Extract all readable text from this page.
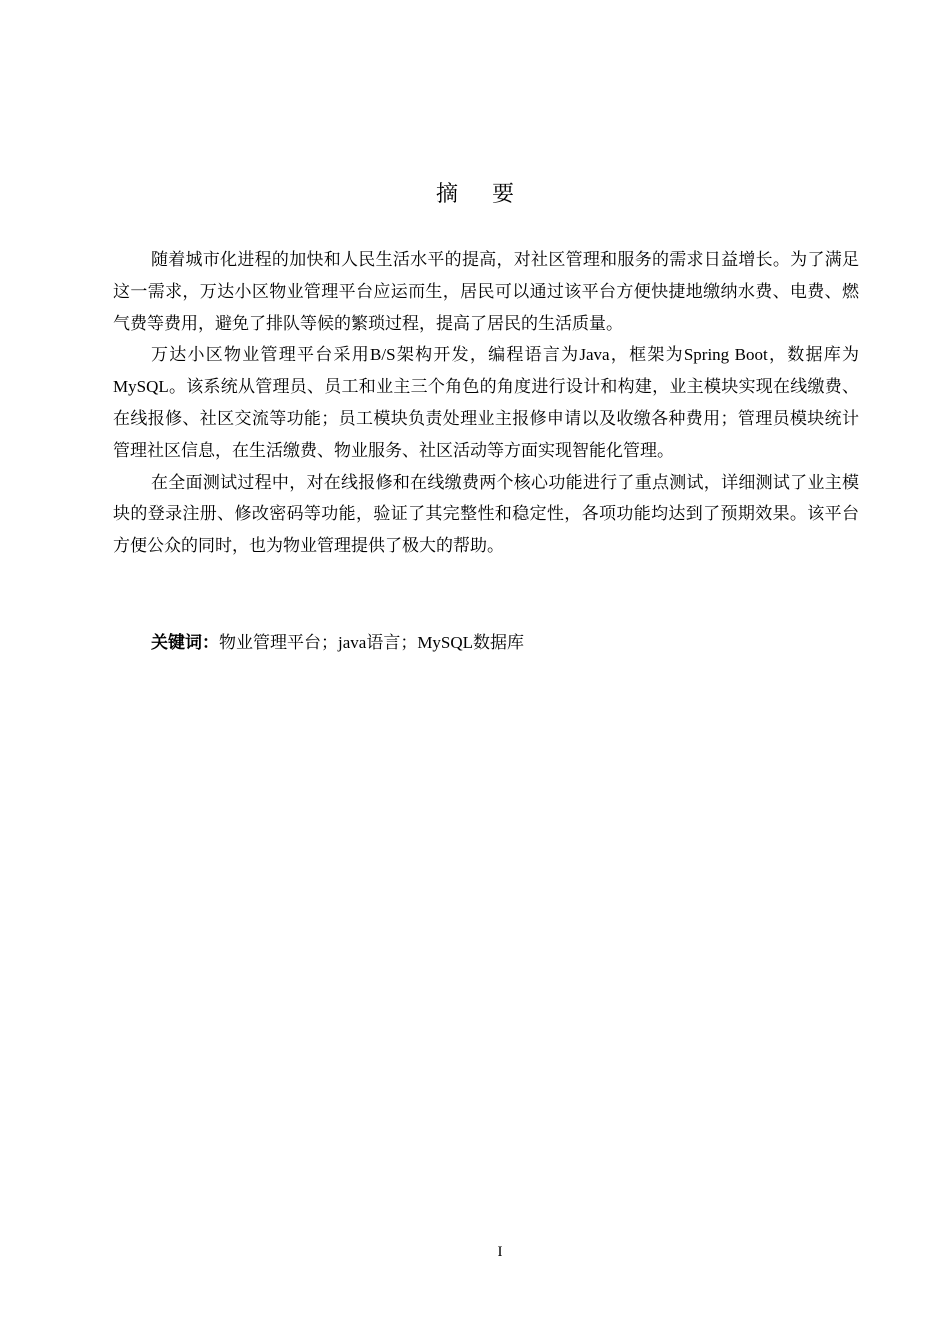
摘要

随着城市化进程的加快和人民生活水平的提高，对社区管理和服务的需求日益增长。为了满足这一需求，万达小区物业管理平台应运而生，居民可以通过该平台方便快捷地缴纳水费、电费、燃气费等费用，避免了排队等候的繁琐过程，提高了居民的生活质量。

万达小区物业管理平台采用B/S架构开发，编程语言为Java，框架为Spring Boot，数据库为MySQL。该系统从管理员、员工和业主三个角色的角度进行设计和构建，业主模块实现在线缴费、在线报修、社区交流等功能；员工模块负责处理业主报修申请以及收缴各种费用；管理员模块统计管理社区信息，在生活缴费、物业服务、社区活动等方面实现智能化管理。

在全面测试过程中，对在线报修和在线缴费两个核心功能进行了重点测试，详细测试了业主模块的登录注册、修改密码等功能，验证了其完整性和稳定性，各项功能均达到了预期效果。该平台方便公众的同时，也为物业管理提供了极大的帮助。

关键词：物业管理平台；java语言；MySQL数据库
I
